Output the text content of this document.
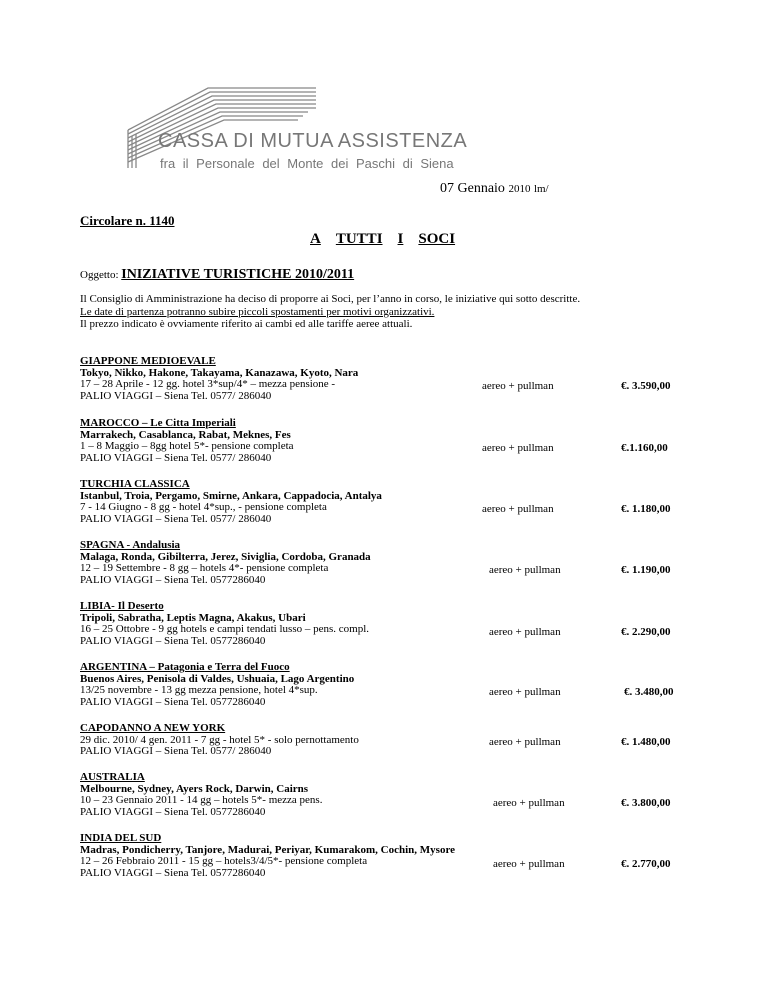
CASSA DI MUTUA ASSISTENZA
fra il Personale del Monte dei Paschi di Siena
07 Gennaio 2010 lm/
Circolare n. 1140
A TUTTI I SOCI
Oggetto: INIZIATIVE TURISTICHE 2010/2011
Il Consiglio di Amministrazione ha deciso di proporre ai Soci, per l’anno in corso, le iniziative qui sotto descritte.
Le date di partenza potranno subire piccoli spostamenti per motivi organizzativi.
Il prezzo indicato è ovviamente riferito ai cambi ed alle tariffe aeree attuali.
GIAPPONE MEDIOEVALE
Tokyo, Nikko, Hakone, Takayama, Kanazawa, Kyoto, Nara
17 – 28 Aprile - 12 gg. hotel 3*sup/4* – mezza pensione -
PALIO VIAGGI – Siena Tel. 0577/ 286040
aereo + pullman	€. 3.590,00
MAROCCO – Le Citta Imperiali
Marrakech, Casablanca, Rabat, Meknes, Fes
1 – 8 Maggio – 8gg hotel 5*- pensione completa
PALIO VIAGGI – Siena Tel. 0577/ 286040
aereo + pullman	€.1.160,00
TURCHIA CLASSICA
Istanbul, Troia, Pergamo, Smirne, Ankara, Cappadocia, Antalya
7 - 14 Giugno - 8 gg - hotel 4*sup., - pensione completa
PALIO VIAGGI – Siena Tel. 0577/ 286040
aereo + pullman	€. 1.180,00
SPAGNA - Andalusia
Malaga, Ronda, Gibilterra, Jerez, Siviglia, Cordoba, Granada
12 – 19 Settembre - 8 gg – hotels 4*- pensione completa
PALIO VIAGGI – Siena Tel. 0577286040
aereo + pullman	€. 1.190,00
LIBIA- Il Deserto
Tripoli, Sabratha, Leptis Magna, Akakus, Ubari
16 – 25 Ottobre - 9 gg hotels e campi tendati lusso – pens. compl.
PALIO VIAGGI – Siena Tel. 0577286040
aereo + pullman	€. 2.290,00
ARGENTINA – Patagonia e Terra del Fuoco
Buenos Aires, Penisola di Valdes, Ushuaia, Lago Argentino
13/25 novembre - 13 gg mezza pensione, hotel 4*sup.
PALIO VIAGGI – Siena Tel. 0577286040
aereo + pullman	€. 3.480,00
CAPODANNO A NEW YORK
29 dic. 2010/ 4 gen. 2011 - 7 gg - hotel 5* - solo pernottamento
PALIO VIAGGI – Siena Tel. 0577/ 286040
aereo + pullman	€. 1.480,00
AUSTRALIA
Melbourne, Sydney, Ayers Rock, Darwin, Cairns
10 – 23 Gennaio 2011 - 14 gg – hotels 5*- mezza pens.
PALIO VIAGGI – Siena Tel. 0577286040
aereo + pullman	€. 3.800,00
INDIA DEL SUD
Madras, Pondicherry, Tanjore, Madurai, Periyar, Kumarakom, Cochin, Mysore
12 – 26 Febbraio 2011 - 15 gg – hotels3/4/5*- pensione completa
PALIO VIAGGI – Siena Tel. 0577286040
aereo + pullman	€. 2.770,00
